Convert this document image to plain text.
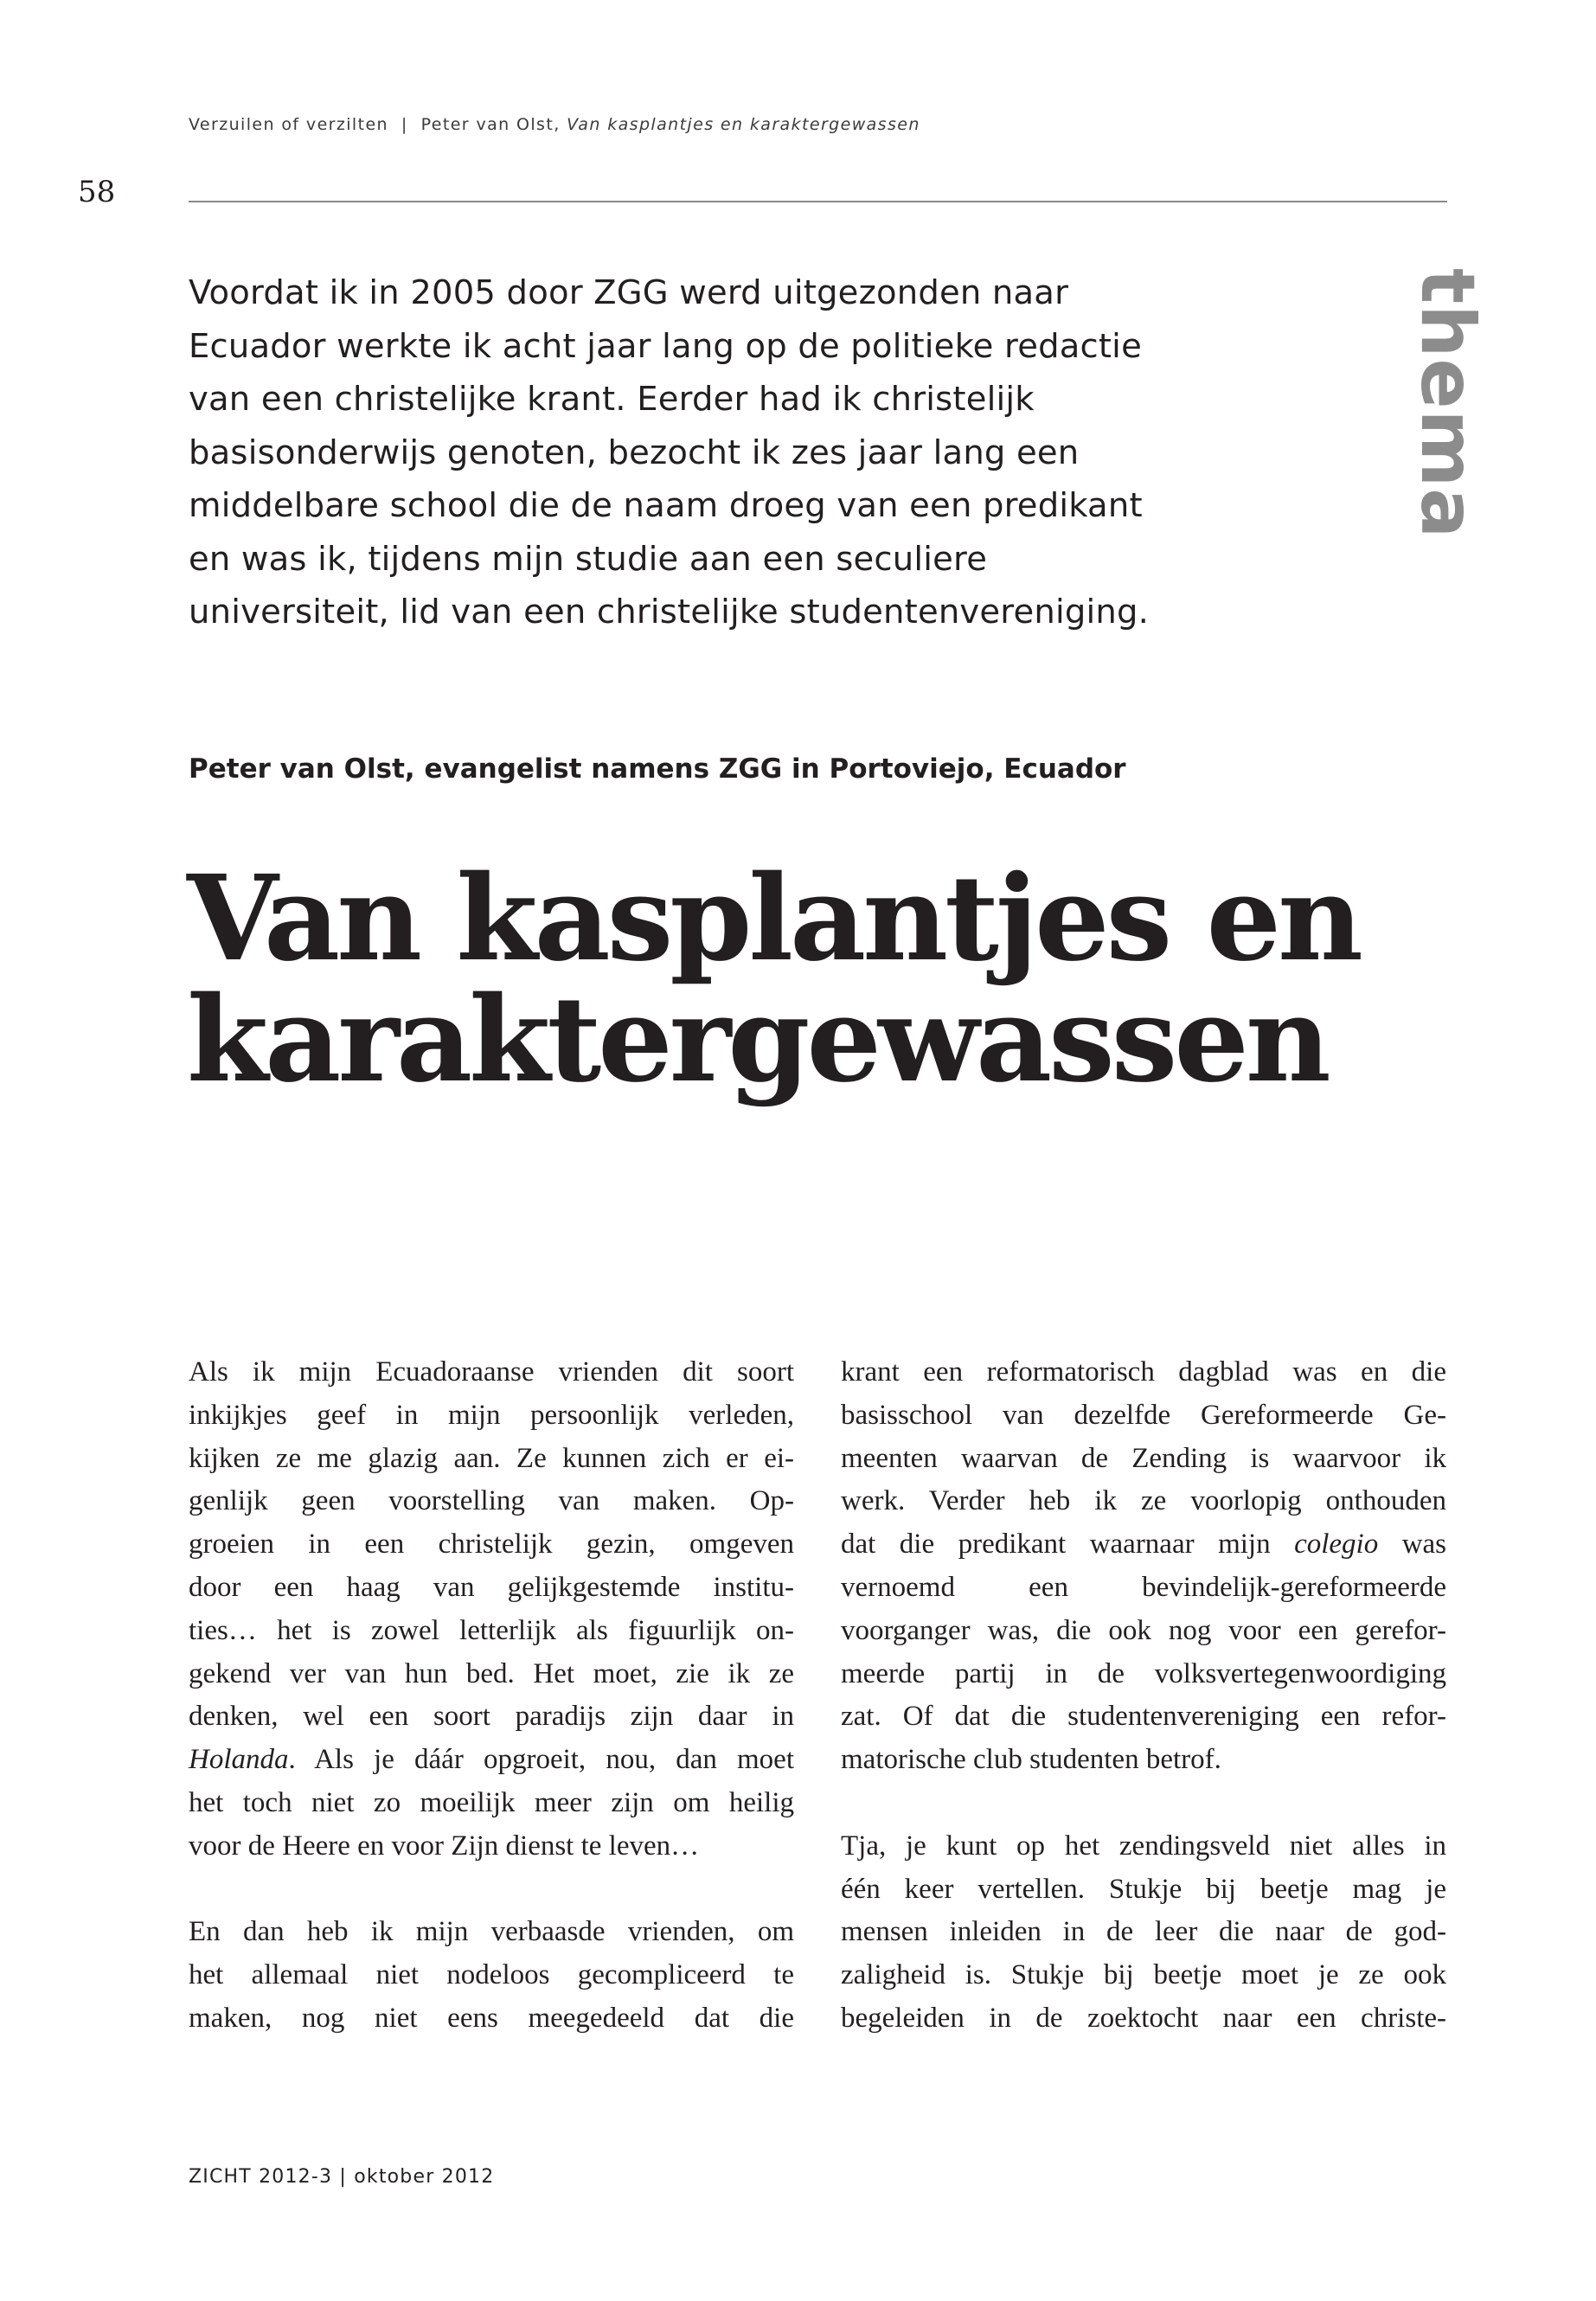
Verzuilen of verzilten | Peter van Olst, Van kasplantjes en karaktergewassen
58
thema
Voordat ik in 2005 door ZGG werd uitgezonden naar
Ecuador werkte ik acht jaar lang op de politieke redactie
van een christelijke krant. Eerder had ik christelijk
basisonderwijs genoten, bezocht ik zes jaar lang een
middelbare school die de naam droeg van een predikant
en was ik, tijdens mijn studie aan een seculiere
universiteit, lid van een christelijke studentenvereniging.
Peter van Olst, evangelist namens ZGG in Portoviejo, Ecuador
Van kasplantjes en
karaktergewassen
Als ik mijn Ecuadoraanse vrienden dit soort
inkijkjes geef in mijn persoonlijk verleden,
kijken ze me glazig aan. Ze kunnen zich er ei-
genlijk geen voorstelling van maken. Op-
groeien in een christelijk gezin, omgeven
door een haag van gelijkgestemde institu-
ties… het is zowel letterlijk als figuurlijk on-
gekend ver van hun bed. Het moet, zie ik ze
denken, wel een soort paradijs zijn daar in
Holanda. Als je dáár opgroeit, nou, dan moet
het toch niet zo moeilijk meer zijn om heilig
voor de Heere en voor Zijn dienst te leven…
En dan heb ik mijn verbaasde vrienden, om
het allemaal niet nodeloos gecompliceerd te
maken, nog niet eens meegedeeld dat die
krant een reformatorisch dagblad was en die
basisschool van dezelfde Gereformeerde Ge-
meenten waarvan de Zending is waarvoor ik
werk. Verder heb ik ze voorlopig onthouden
dat die predikant waarnaar mijn colegio was
vernoemd een bevindelijk-gereformeerde
voorganger was, die ook nog voor een gerefor-
meerde partij in de volksvertegenwoordiging
zat. Of dat die studentenvereniging een refor-
matorische club studenten betrof.
Tja, je kunt op het zendingsveld niet alles in
één keer vertellen. Stukje bij beetje mag je
mensen inleiden in de leer die naar de god-
zaligheid is. Stukje bij beetje moet je ze ook
begeleiden in de zoektocht naar een christe-
ZICHT 2012-3 | oktober 2012
